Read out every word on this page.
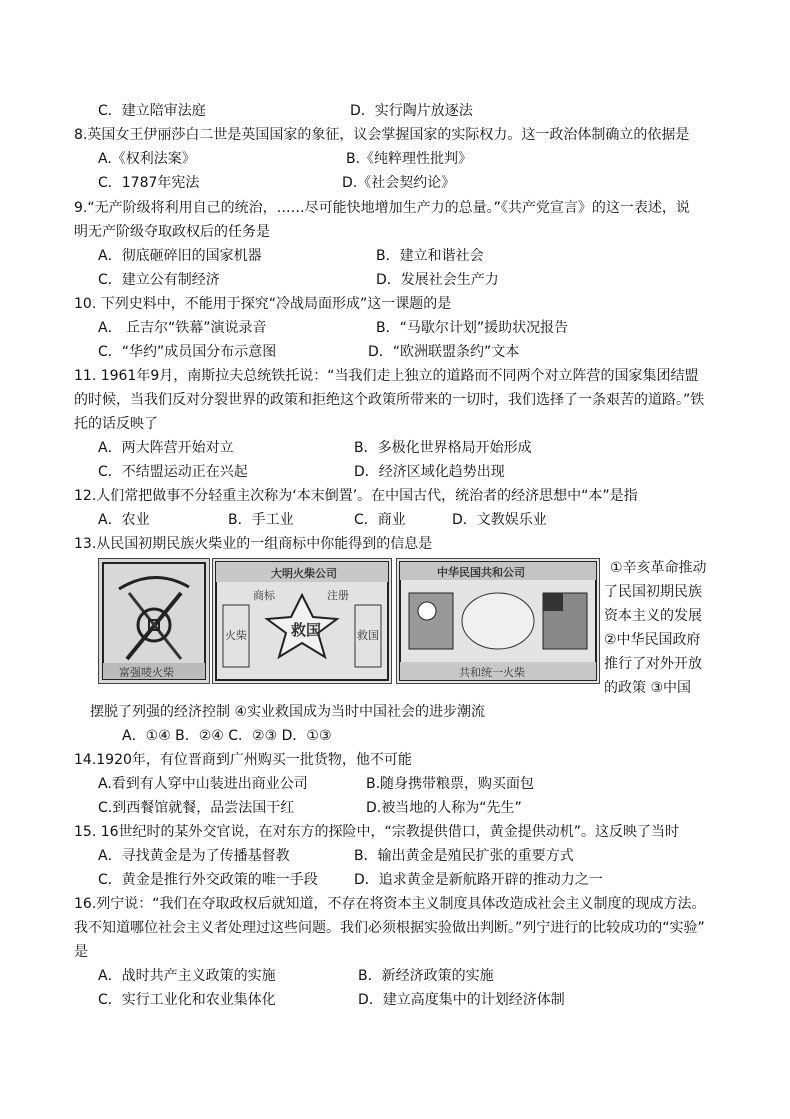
C．建立陪审法庭	D．实行陶片放逐法
8.英国女王伊丽莎白二世是英国国家的象征，议会掌握国家的实际权力。这一政治体制确立的依据是
A.《权利法案》	B.《纯粹理性批判》
C．1787年宪法	D.《社会契约论》
9.“无产阶级将利用自己的统治，……尽可能快地增加生产力的总量。”《共产党宣言》的这一表述，说
明无产阶级夺取政权后的任务是
A．彻底砸碎旧的国家机器	B．建立和谐社会
C．建立公有制经济	D．发展社会生产力
10. 下列史料中，不能用于探究“冷战局面形成”这一课题的是
A． 丘吉尔“铁幕”演说录音	B．“马歇尔计划”援助状况报告
C．“华约”成员国分布示意图	D．“欧洲联盟条约”文本
11. 1961年9月，南斯拉夫总统铁托说：“当我们走上独立的道路而不同两个对立阵营的国家集团结盟
的时候，当我们反对分裂世界的政策和拒绝这个政策所带来的一切时，我们选择了一条艰苦的道路。”铁
托的话反映了
A．两大阵营开始对立	B．多极化世界格局开始形成
C．不结盟运动正在兴起	D．经济区域化趋势出现
12.人们常把做事不分轻重主次称为‘本末倒置’。在中国古代，统治者的经济思想中“本”是指
A．农业	B．手工业	C．商业	D．文教娱乐业
13.从民国初期民族火柴业的一组商标中你能得到的信息是
富强唛火柴
大明火柴公司
商标	注册
救国
火柴	救国
中华民国共和公司
共和统一火柴
①辛亥革命推动
了民国初期民族
资本主义的发展
②中华民国政府
推行了对外开放
的政策 ③中国
摆脱了列强的经济控制 ④实业救国成为当时中国社会的进步潮流
A．①④ B．②④ C．②③ D．①③
14.1920年，有位晋商到广州购买一批货物，他不可能
A.看到有人穿中山装进出商业公司	B.随身携带粮票，购买面包
C.到西餐馆就餐，品尝法国干红	D.被当地的人称为“先生”
15. 16世纪时的某外交官说，在对东方的探险中，“宗教提供借口，黄金提供动机”。这反映了当时
A．寻找黄金是为了传播基督教	B．输出黄金是殖民扩张的重要方式
C．黄金是推行外交政策的唯一手段	D．追求黄金是新航路开辟的推动力之一
16.列宁说：“我们在夺取政权后就知道，不存在将资本主义制度具体改造成社会主义制度的现成方法。
我不知道哪位社会主义者处理过这些问题。我们必须根据实验做出判断。”列宁进行的比较成功的“实验”
是
A．战时共产主义政策的实施	B．新经济政策的实施
C．实行工业化和农业集体化	D．建立高度集中的计划经济体制
